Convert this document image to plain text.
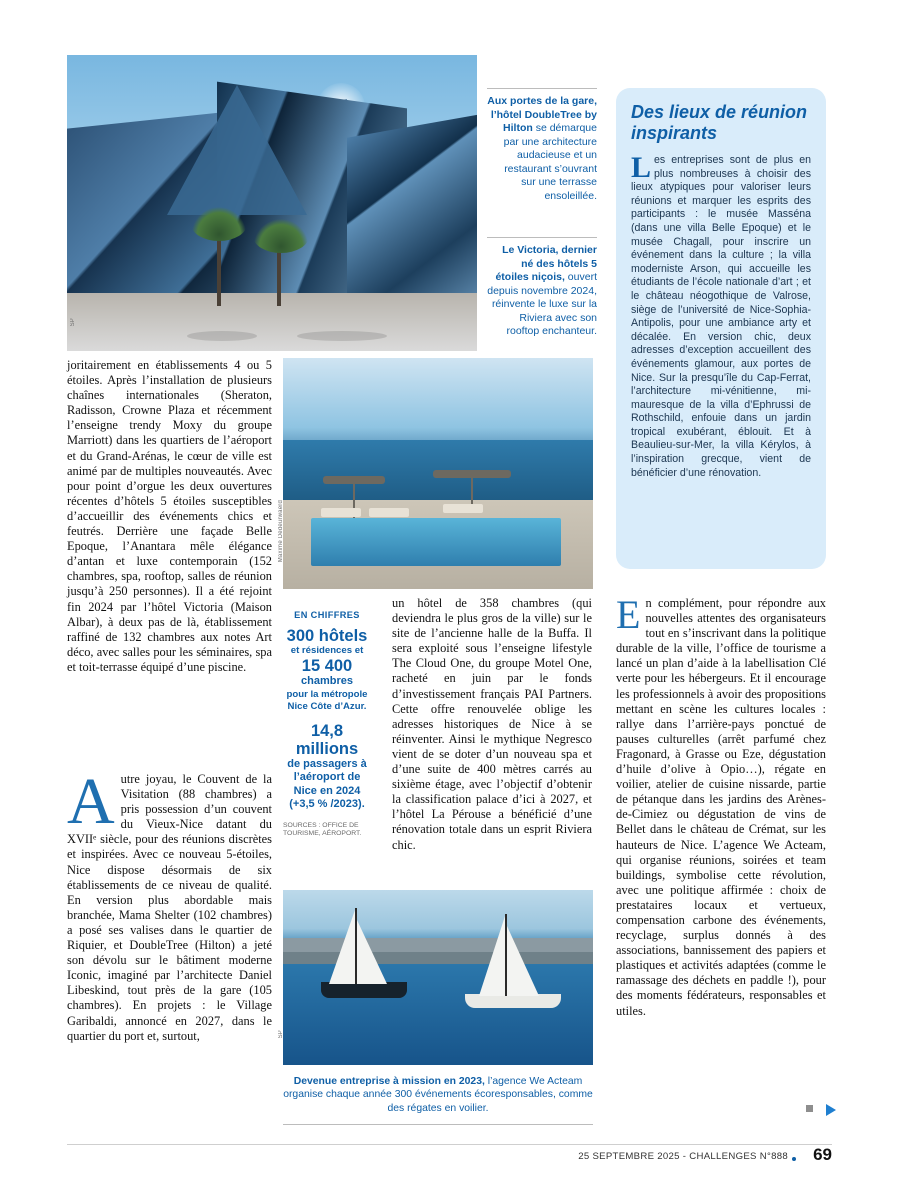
SP
Aux portes de la gare, l’hôtel DoubleTree by Hilton se démarque par une architecture audacieuse et un restaurant s’ouvrant sur une terrasse ensoleillée.
Le Victoria, dernier né des hôtels 5 étoiles niçois, ouvert depuis novembre 2024, réinvente le luxe sur la Riviera avec son rooftop enchanteur.
Des lieux de réunion inspirants

Les entreprises sont de plus en plus nombreuses à choisir des lieux atypiques pour valoriser leurs réunions et marquer les esprits des participants : le musée Masséna (dans une villa Belle Epoque) et le musée Chagall, pour inscrire un événement dans la culture ; la villa moderniste Arson, qui accueille les étudiants de l’école nationale d’art ; et le château néogothique de Valrose, siège de l’université de Nice-Sophia-Antipolis, pour une ambiance arty et décalée. En version chic, deux adresses d’exception accueillent des événements glamour, aux portes de Nice. Sur la presqu’île du Cap-Ferrat, l’architecture mi-vénitienne, mi-mauresque de la villa d’Ephrussi de Rothschild, enfouie dans un jardin tropical exubérant, éblouit. Et à Beaulieu-sur-Mer, la villa Kérylos, à l’inspiration grecque, vient de bénéficier d’une rénovation.

joritairement en établissements 4 ou 5 étoiles. Après l’installation de plusieurs chaînes internationales (Sheraton, Radisson, Crowne Plaza et récemment l’enseigne trendy Moxy du groupe Marriott) dans les quartiers de l’aéroport et du Grand-Arénas, le cœur de ville est animé par de multiples nouveautés. Avec pour point d’orgue les deux ouvertures récentes d’hôtels 5 étoiles susceptibles d’accueillir des événements chics et feutrés. Derrière une façade Belle Epoque, l’Anantara mêle élégance d’antan et luxe contemporain (152 chambres, spa, rooftop, salles de réunion jusqu’à 250 personnes). Il a été rejoint fin 2024 par l’hôtel Victoria (Maison Albar), à deux pas de là, établissement raffiné de 132 chambres aux notes Art déco, avec salles pour les séminaires, spa et toit-terrasse équipé d’une piscine.

Autre joyau, le Couvent de la Visitation (88 chambres) a pris possession d’un couvent du Vieux-Nice datant du XVIIᵉ siècle, pour des réunions discrètes et inspirées. Avec ce nouveau 5-étoiles, Nice dispose désormais de six établissements de ce niveau de qualité. En version plus abordable mais branchée, Mama Shelter (102 chambres) a posé ses valises dans le quartier de Riquier, et DoubleTree (Hilton) a jeté son dévolu sur le bâtiment moderne Iconic, imaginé par l’architecte Daniel Libeskind, tout près de la gare (105 chambres). En projets : le Village Garibaldi, annoncé en 2027, dans le quartier du port et, surtout,

Maxime Dedeurwaerd
EN CHIFFRES
300 hôtels
et résidences et
15 400
chambres
pour la métropole
Nice Côte d’Azur.
14,8 millions
de passagers à
l’aéroport de
Nice en 2024
(+3,5 % /2023).
SOURCES : OFFICE DE TOURISME, AÉROPORT.

un hôtel de 358 chambres (qui deviendra le plus gros de la ville) sur le site de l’ancienne halle de la Buffa. Il sera exploité sous l’enseigne lifestyle The Cloud One, du groupe Motel One, racheté en juin par le fonds d’investissement français PAI Partners. Cette offre renouvelée oblige les adresses historiques de Nice à se réinventer. Ainsi le mythique Negresco vient de se doter d’un nouveau spa et d’une suite de 400 mètres carrés au sixième étage, avec l’objectif d’obtenir la classification palace d’ici à 2027, et l’hôtel La Pérouse a bénéficié d’une rénovation totale dans un esprit Riviera chic.

En complément, pour répondre aux nouvelles attentes des organisateurs tout en s’inscrivant dans la politique durable de la ville, l’office de tourisme a lancé un plan d’aide à la labellisation Clé verte pour les hébergeurs. Et il encourage les professionnels à avoir des propositions mettant en scène les cultures locales : rallye dans l’arrière-pays ponctué de pauses culturelles (arrêt parfumé chez Fragonard, à Grasse ou Eze, dégustation d’huile d’olive à Opio…), régate en voilier, atelier de cuisine nissarde, partie de pétanque dans les jardins des Arènes-de-Cimiez ou dégustation de vins de Bellet dans le château de Crémat, sur les hauteurs de Nice. L’agence We Acteam, qui organise réunions, soirées et team buildings, symbolise cette révolution, avec une politique affirmée : choix de prestataires locaux et vertueux, compensation carbone des événements, recyclage, surplus donnés à des associations, bannissement des papiers et plastiques et activités adaptées (comme le ramassage des déchets en paddle !), pour des moments fédérateurs, responsables et utiles.

SP
Devenue entreprise à mission en 2023, l’agence We Acteam organise chaque année 300 événements écoresponsables, comme des régates en voilier.
25 SEPTEMBRE 2025 - CHALLENGES N°888 69
